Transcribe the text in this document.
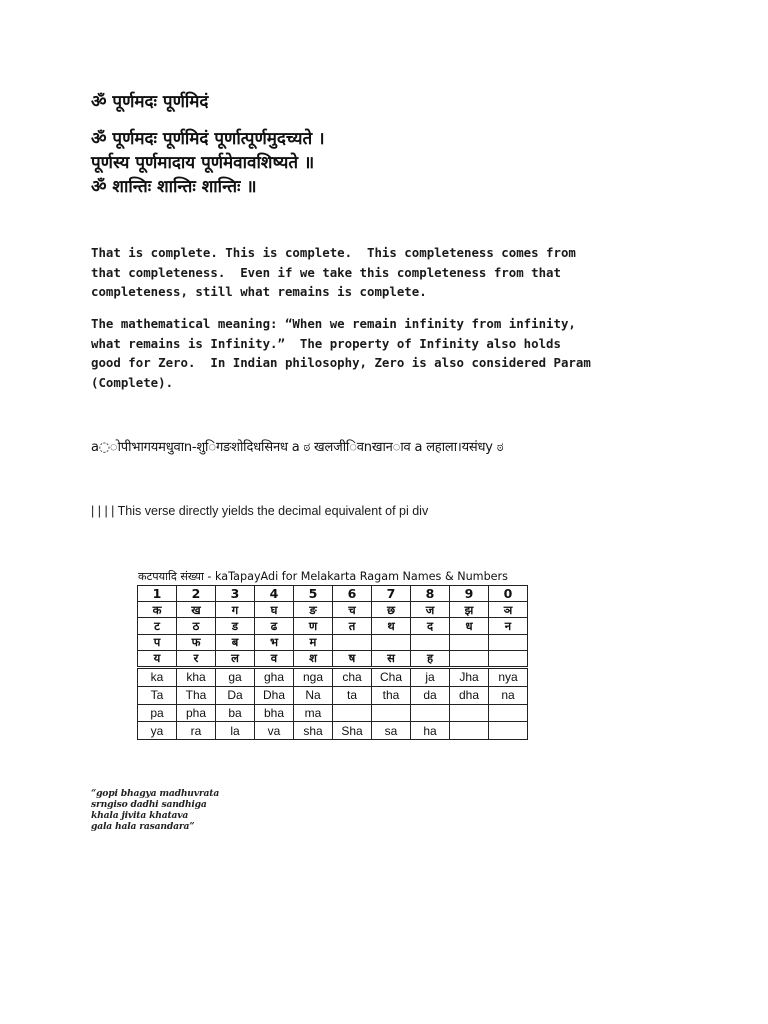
ॐ पूर्णमदः पूर्णमिदं
ॐ पूर्णमदः पूर्णमिदं पूर्णात्पूर्णमुदच्यते ।
पूर्णस्य पूर्णमादाय पूर्णमेवावशिष्यते ॥
ॐ शान्तिः शान्तिः शान्तिः ॥
That is complete. This is complete.  This completeness comes from
that completeness.  Even if we take this completeness from that
completeness, still what remains is complete.
The mathematical meaning: “When we remain infinity from infinity,
what remains is Infinity.”  The property of Infinity also holds
good for Zero.  In Indian philosophy, Zero is also considered Param
(Complete).
a◌ोपीभागयमधुवाn-शु◌िगङशोदिधसिनध a ಠ खलजी◌िवnखान◌ाव a लहाला।यसंधy ಠ
| | | | This verse directly yields the decimal equivalent of pi div
कटपयादि संख्या - kaTapayAdi for Melakarta Ragam Names & Numbers
1	2	3	4	5	6	7	8	9	0
क	ख	ग	घ	ङ	च	छ	ज	झ	ञ
ट	ठ	ड	ढ	ण	त	थ	द	ध	न
प	फ	ब	भ	म					
य	र	ल	व	श	ष	स	ह		
ka	kha	ga	gha	nga	cha	Cha	ja	Jha	nya
Ta	Tha	Da	Dha	Na	ta	tha	da	dha	na
pa	pha	ba	bha	ma					
ya	ra	la	va	sha	Sha	sa	ha		
“gopi bhagya madhuvrata
srngiso dadhi sandhiga
khala jivita khatava
gala hala rasandara”
